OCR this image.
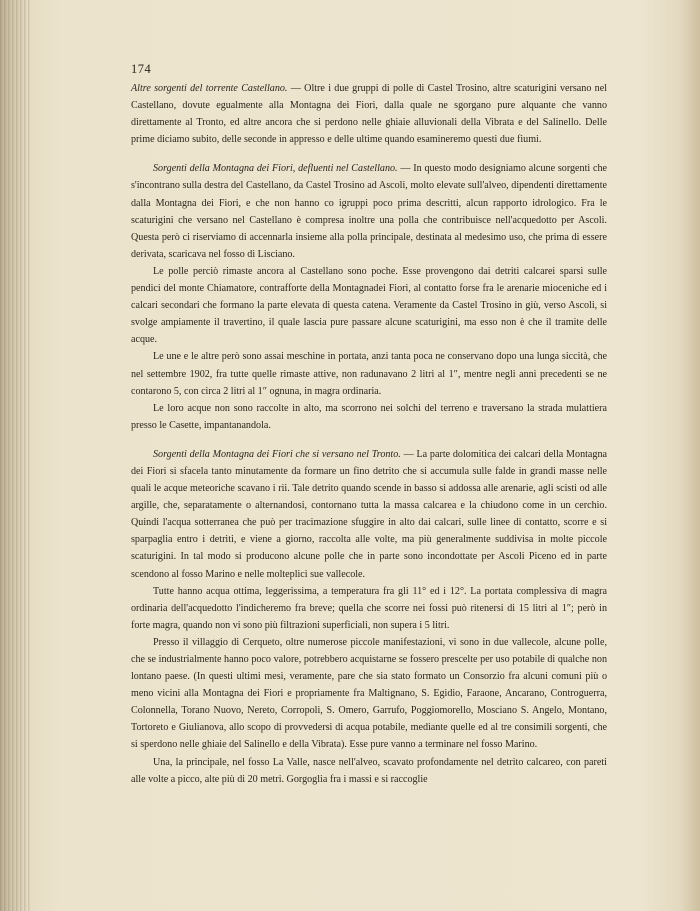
174

Altre sorgenti del torrente Castellano. — Oltre i due gruppi di polle di Castel Trosino, altre scaturigini versano nel Castellano, dovute egualmente alla Montagna dei Fiori, dalla quale ne sgorgano pure alquante che vanno direttamente al Tronto, ed altre ancora che si perdono nelle ghiaie alluvionali della Vibrata e del Salinello. Delle prime diciamo subito, delle seconde in appresso e delle ultime quando esamineremo questi due fiumi.

Sorgenti della Montagna dei Fiori, defluenti nel Castellano. — In questo modo designiamo alcune sorgenti che s'incontrano sulla destra del Castellano, da Castel Trosino ad Ascoli, molto elevate sull'alveo, dipendenti direttamente dalla Montagna dei Fiori, e che non hanno co igruppi poco prima descritti, alcun rapporto idrologico. Fra le scaturigini che versano nel Castellano è compresa inoltre una polla che contribuisce nell'acquedotto per Ascoli. Questa però ci riserviamo di accennarla insieme alla polla principale, destinata al medesimo uso, che prima di essere derivata, scaricava nel fosso di Lisciano.

Le polle perciò rimaste ancora al Castellano sono poche. Esse provengono dai detriti calcarei sparsi sulle pendici del monte Chiamatore, contrafforte della Montagnadei Fiori, al contatto forse fra le arenarie mioceniche ed i calcari secondari che formano la parte elevata di questa catena. Veramente da Castel Trosino in giù, verso Ascoli, si svolge ampiamente il travertino, il quale lascia pure passare alcune scaturigini, ma esso non è che il tramite delle acque.

Le une e le altre però sono assai meschine in portata, anzi tanta poca ne conservano dopo una lunga siccità, che nel settembre 1902, fra tutte quelle rimaste attive, non radunavano 2 litri al 1″, mentre negli anni precedenti se ne contarono 5, con circa 2 litri al 1″ ognuna, in magra ordinaria.

Le loro acque non sono raccolte in alto, ma scorrono nei solchi del terreno e traversano la strada mulattiera presso le Casette, impantanandola.

Sorgenti della Montagna dei Fiori che si versano nel Tronto. — La parte dolomitica dei calcari della Montagna dei Fiori si sfacela tanto minutamente da formare un fino detrito che si accumula sulle falde in grandi masse nelle quali le acque meteoriche scavano i rii. Tale detrito quando scende in basso si addossa alle arenarie, agli scisti od alle argille, che, separatamente o alternandosi, contornano tutta la massa calcarea e la chiudono come in un cerchio. Quindi l'acqua sotterranea che può per tracimazione sfuggire in alto dai calcari, sulle linee di contatto, scorre e si sparpaglia entro i detriti, e viene a giorno, raccolta alle volte, ma più generalmente suddivisa in molte piccole scaturigini. In tal modo si producono alcune polle che in parte sono incondottate per Ascoli Piceno ed in parte scendono al fosso Marino e nelle molteplici sue vallecole.

Tutte hanno acqua ottima, leggerissima, a temperatura fra gli 11° ed i 12°. La portata complessiva di magra ordinaria dell'acquedotto l'indicheremo fra breve; quella che scorre nei fossi può ritenersi di 15 litri al 1″; però in forte magra, quando non vi sono più filtrazioni superficiali, non supera i 5 litri.

Presso il villaggio di Cerqueto, oltre numerose piccole manifestazioni, vi sono in due vallecole, alcune polle, che se industrialmente hanno poco valore, potrebbero acquistarne se fossero prescelte per uso potabile di qualche non lontano paese. (In questi ultimi mesi, veramente, pare che sia stato formato un Consorzio fra alcuni comuni più o meno vicini alla Montagna dei Fiori e propriamente fra Maltignano, S. Egidio, Faraone, Ancarano, Controguerra, Colonnella, Torano Nuovo, Nereto, Corropoli, S. Omero, Garrufo, Poggiomorello, Mosciano S. Angelo, Montano, Tortoreto e Giulianova, allo scopo di provvedersi di acqua potabile, mediante quelle ed al tre consimili sorgenti, che si sperdono nelle ghiaie del Salinello e della Vibrata). Esse pure vanno a terminare nel fosso Marino.

Una, la principale, nel fosso La Valle, nasce nell'alveo, scavato profondamente nel detrito calcareo, con pareti alle volte a picco, alte più di 20 metri. Gorgoglia fra i massi e si raccoglie
